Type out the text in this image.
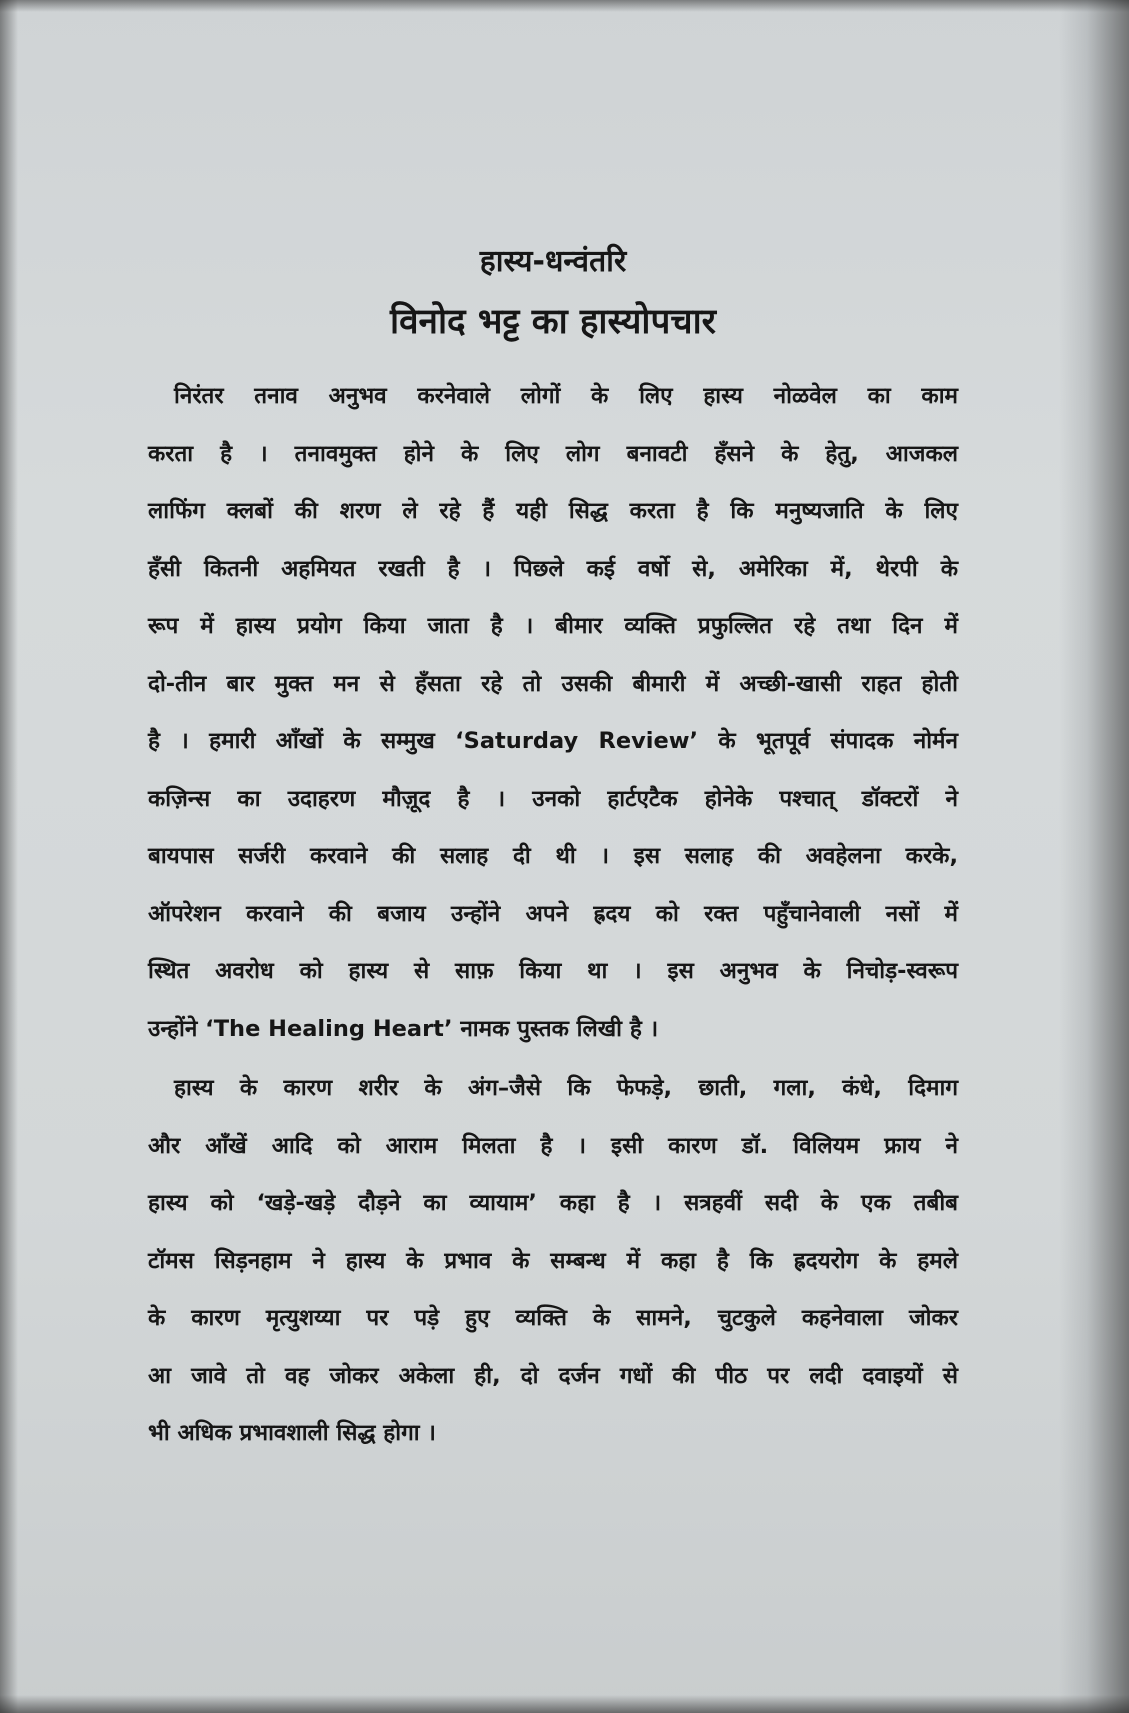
हास्य-धन्वंतरि
विनोद भट्ट का हास्योपचार
निरंतर तनाव अनुभव करनेवाले लोगों के लिए हास्य नोळवेल का काम
करता है । तनावमुक्त होने के लिए लोग बनावटी हँसने के हेतु, आजकल
लाफिंग क्लबों की शरण ले रहे हैं यही सिद्ध करता है कि मनुष्यजाति के लिए
हँसी कितनी अहमियत रखती है । पिछले कई वर्षो से, अमेरिका में, थेरपी के
रूप में हास्य प्रयोग किया जाता है । बीमार व्यक्ति प्रफुल्लित रहे तथा दिन में
दो-तीन बार मुक्त मन से हँसता रहे तो उसकी बीमारी में अच्छी-खासी राहत होती
है । हमारी आँखों के सम्मुख ‘Saturday Review’ के भूतपूर्व संपादक नोर्मन
कज़िन्स का उदाहरण मौज़ूद है । उनको हार्टएटैक होनेके पश्चात् डॉक्टरों ने
बायपास सर्जरी करवाने की सलाह दी थी । इस सलाह की अवहेलना करके,
ऑपरेशन करवाने की बजाय उन्होंने अपने ह्रदय को रक्त पहुँचानेवाली नसों में
स्थित अवरोध को हास्य से साफ़ किया था । इस अनुभव के निचोड़-स्वरूप
उन्होंने ‘The Healing Heart’ नामक पुस्तक लिखी है ।
हास्य के कारण शरीर के अंग–जैसे कि फेफड़े, छाती, गला, कंधे, दिमाग
और आँखें आदि को आराम मिलता है । इसी कारण डॉ. विलियम फ्राय ने
हास्य को ‘खड़े-खड़े दौड़ने का व्यायाम’ कहा है । सत्रहवीं सदी के एक तबीब
टॉमस सिड़नहाम ने हास्य के प्रभाव के सम्बन्ध में कहा है कि ह्रदयरोग के हमले
के कारण मृत्युशय्या पर पड़े हुए व्यक्ति के सामने, चुटकुले कहनेवाला जोकर
आ जावे तो वह जोकर अकेला ही, दो दर्जन गधों की पीठ पर लदी दवाइयों से
भी अधिक प्रभावशाली सिद्ध होगा ।
